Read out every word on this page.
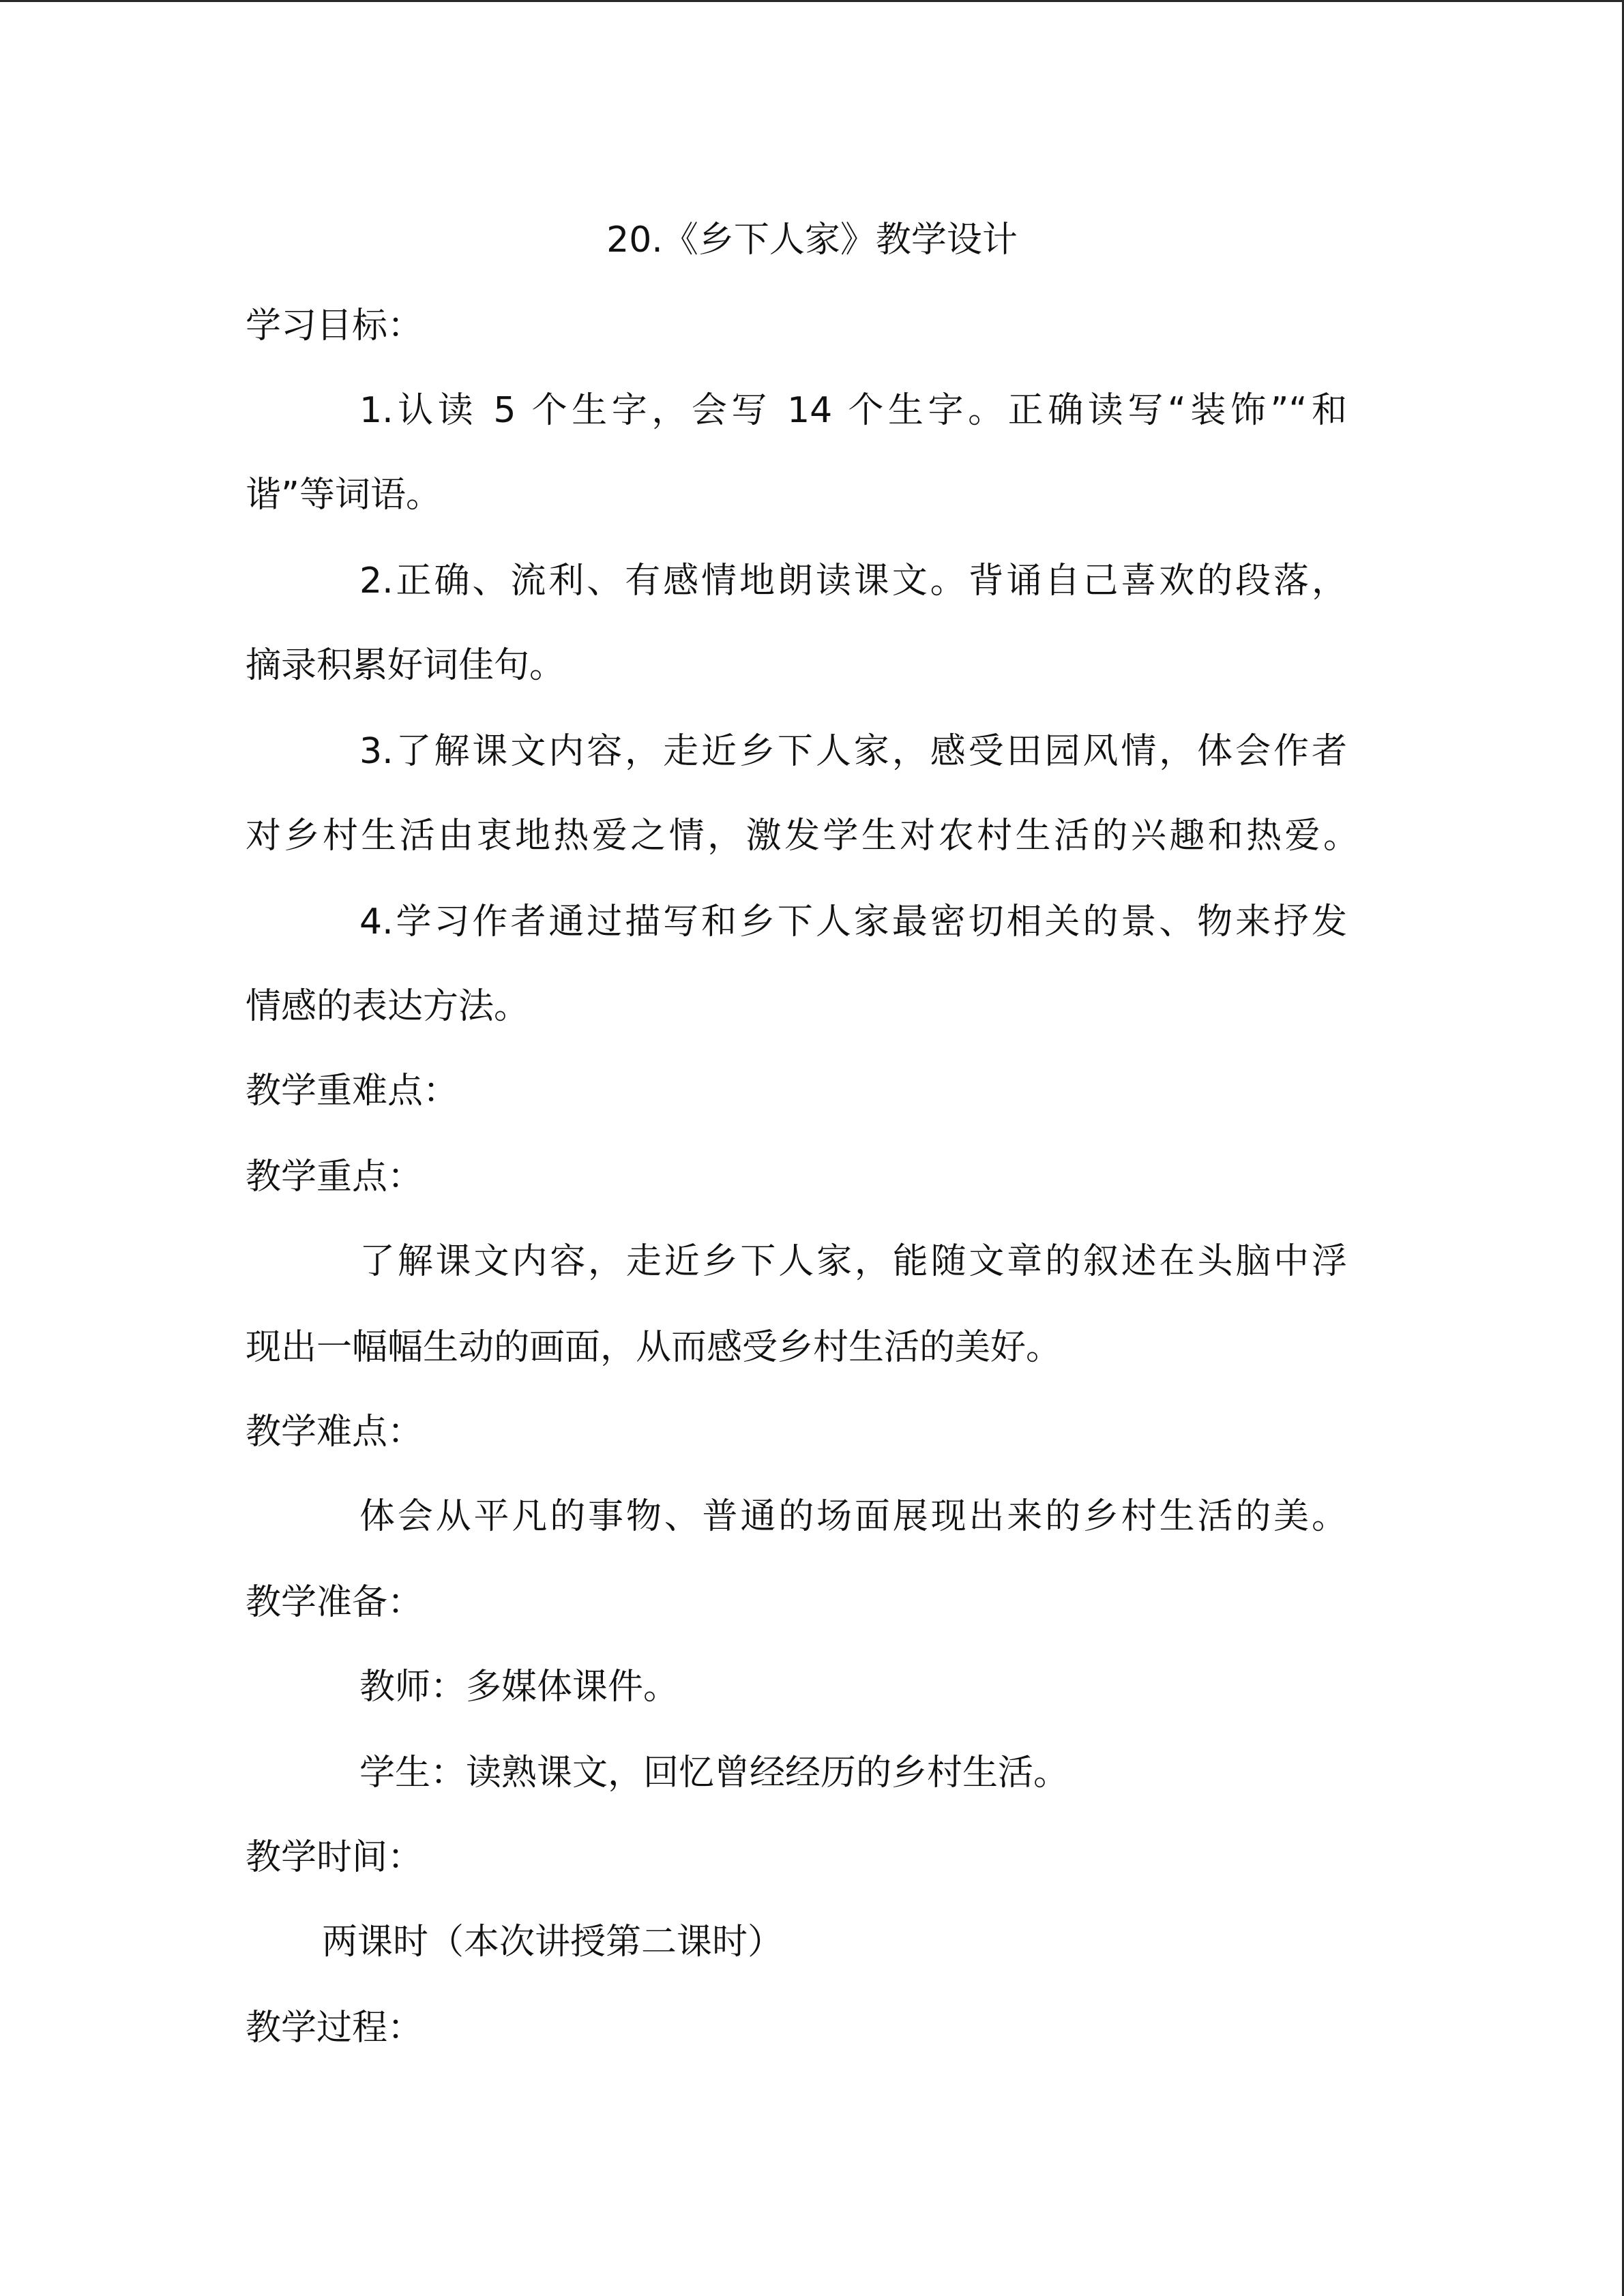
20.《乡下人家》教学设计
学习目标：
1.认读 5 个生字，会写 14 个生字。正确读写“装饰”“和
谐”等词语。
2.正确、流利、有感情地朗读课文。背诵自己喜欢的段落，
摘录积累好词佳句。
3.了解课文内容，走近乡下人家，感受田园风情，体会作者
对乡村生活由衷地热爱之情，激发学生对农村生活的兴趣和热爱。
4.学习作者通过描写和乡下人家最密切相关的景、物来抒发
情感的表达方法。
教学重难点：
教学重点：
了解课文内容，走近乡下人家，能随文章的叙述在头脑中浮
现出一幅幅生动的画面，从而感受乡村生活的美好。
教学难点：
体会从平凡的事物、普通的场面展现出来的乡村生活的美。
教学准备：
教师：多媒体课件。
学生：读熟课文，回忆曾经经历的乡村生活。
教学时间：
两课时（本次讲授第二课时）
教学过程：
